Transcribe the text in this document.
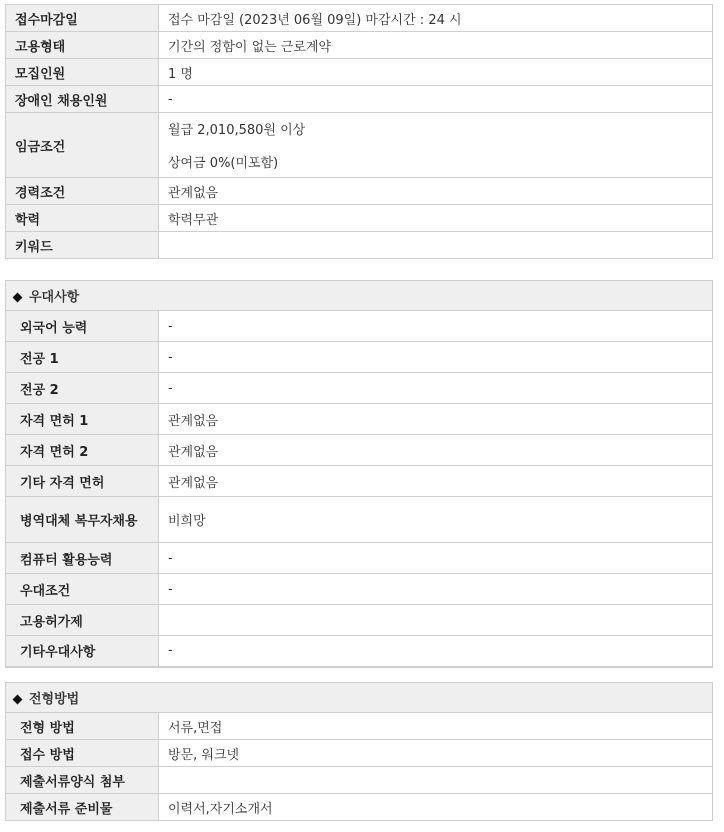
접수마감일	접수 마감일 (2023년 06월 09일) 마감시간 : 24 시
고용형태	기간의 정함이 없는 근로계약
모집인원	1 명
장애인 채용인원	-
임금조건	월급 2,010,580원 이상
상여금 0%(미포함)

경력조건	관계없음
학력	학력무관
키워드	
우대사항	
외국어 능력	-
전공 1	-
전공 2	-
자격 면허 1	관계없음
자격 면허 2	관계없음
기타 자격 면허	관계없음
병역대체 복무자채용	비희망
컴퓨터 활용능력	-
우대조건	-
고용허가제	
기타우대사항	-
전형방법	
전형 방법	서류,면접
접수 방법	방문, 워크넷
제출서류양식 첨부	
제출서류 준비물	이력서,자기소개서
